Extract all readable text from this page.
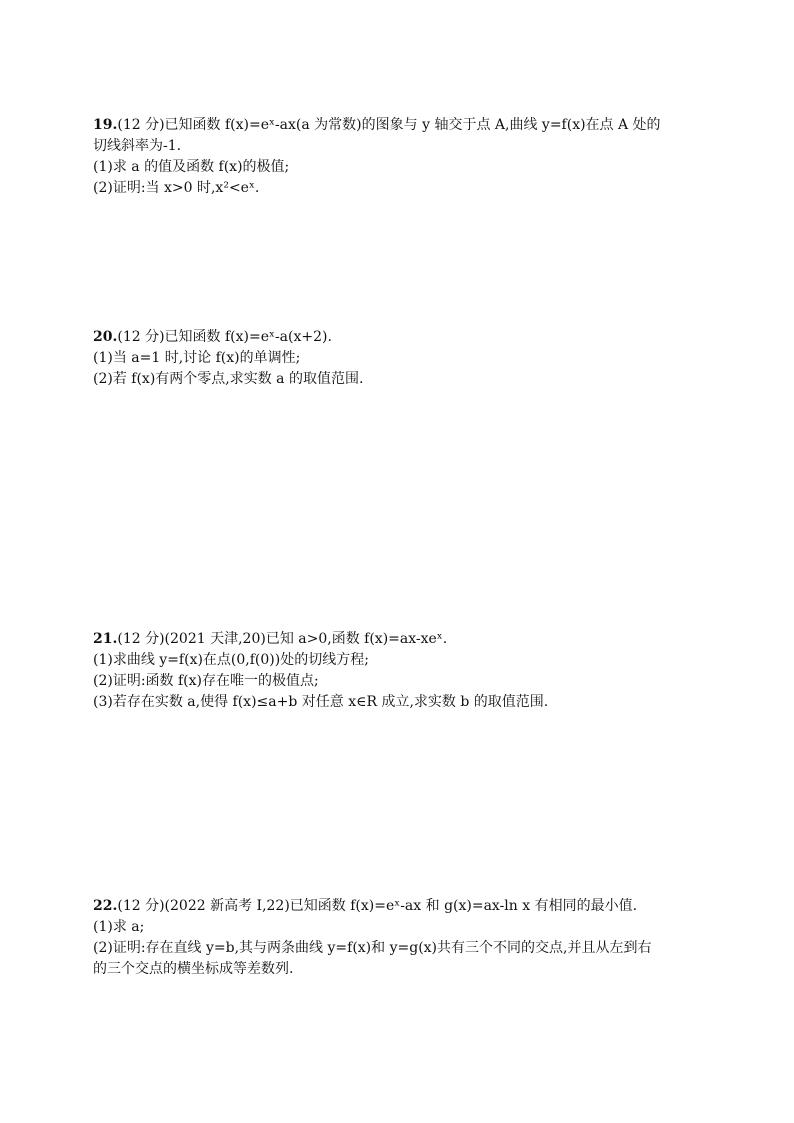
19.(12 分)已知函数 f(x)=eˣ-ax(a 为常数)的图象与 y 轴交于点 A,曲线 y=f(x)在点 A 处的
切线斜率为-1.
(1)求 a 的值及函数 f(x)的极值;
(2)证明:当 x>0 时,x²<eˣ.
20.(12 分)已知函数 f(x)=eˣ-a(x+2).
(1)当 a=1 时,讨论 f(x)的单调性;
(2)若 f(x)有两个零点,求实数 a 的取值范围.
21.(12 分)(2021 天津,20)已知 a>0,函数 f(x)=ax-xeˣ.
(1)求曲线 y=f(x)在点(0,f(0))处的切线方程;
(2)证明:函数 f(x)存在唯一的极值点;
(3)若存在实数 a,使得 f(x)≤a+b 对任意 x∈R 成立,求实数 b 的取值范围.
22.(12 分)(2022 新高考 Ⅰ,22)已知函数 f(x)=eˣ-ax 和 g(x)=ax-ln x 有相同的最小值.
(1)求 a;
(2)证明:存在直线 y=b,其与两条曲线 y=f(x)和 y=g(x)共有三个不同的交点,并且从左到右
的三个交点的横坐标成等差数列.
